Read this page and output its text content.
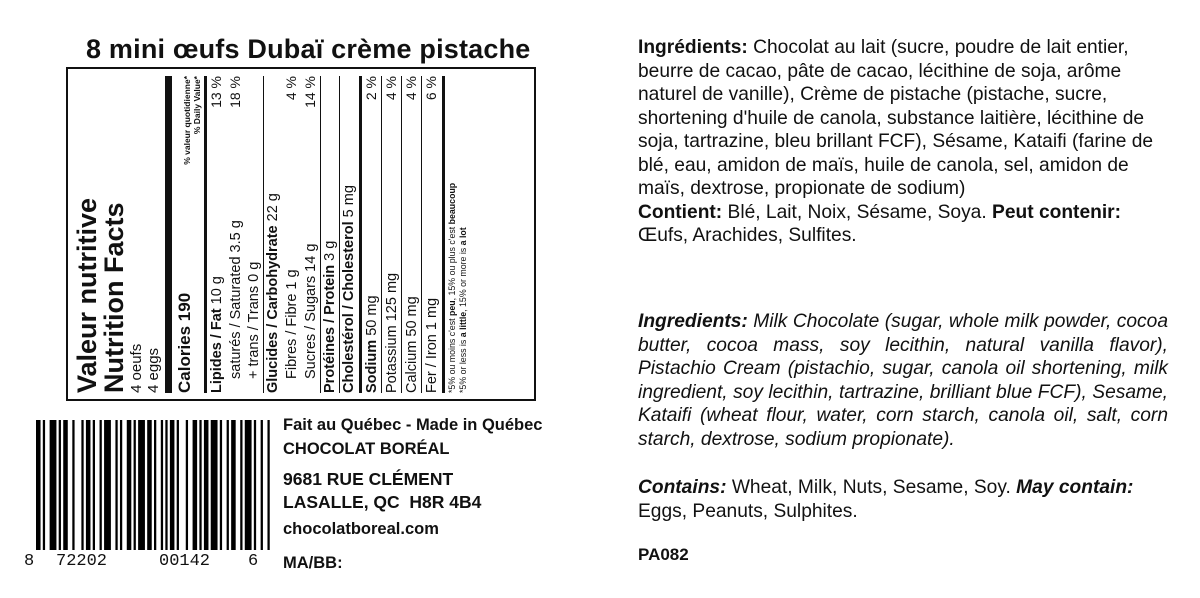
8 mini œufs Dubaï crème pistache
Valeur nutritive
Nutrition Facts 4 oeufs 4 eggs Calories 190
% valeur quotidienne* % Daily Value*
Lipides / Fat 10 g
13 %
saturés / Saturated 3.5 g
18 %
+ trans / Trans 0 g Glucides / Carbohydrate 22 g
Fibres / Fibre 1 g
4 %
Sucres / Sugars 14 g
14 %
Protéines / Protein 3 g Cholestérol / Cholesterol 5 mg
Sodium 50 mg
2 %
Potassium 125 mg
4 %
Calcium 50 mg
4 %
Fer / Iron 1 mg
6 %
*5% ou moins c'est peu, 15% ou plus c'est beaucoup
*5% or less is a little, 15% or more is a lot
8 72202	00142 6
Fait au Québec - Made in Québec
CHOCOLAT BORÉAL
9681 RUE CLÉMENT
LASALLE, QC  H8R 4B4
chocolatboreal.com
MA/BB:
Ingrédients: Chocolat au lait (sucre, poudre de lait entier, beurre de cacao, pâte de cacao, lécithine de soja, arôme naturel de vanille), Crème de pistache (pistache, sucre, shortening d'huile de canola, substance laitière, lécithine de soja, tartrazine, bleu brillant FCF), Sésame, Kataifi (farine de blé, eau, amidon de maïs, huile de canola, sel, amidon de maïs, dextrose, propionate de sodium)
Contient: Blé, Lait, Noix, Sésame, Soya. Peut contenir: Œufs, Arachides, Sulfites.
Ingredients: Milk Chocolate (sugar, whole milk powder, cocoa butter, cocoa mass, soy lecithin, natural vanilla flavor), Pistachio Cream (pistachio, sugar, canola oil shortening, milk ingredient, soy lecithin, tartrazine, brilliant blue FCF), Sesame, Kataifi (wheat flour, water, corn starch, canola oil, salt, corn starch, dextrose, sodium propionate).
Contains: Wheat, Milk, Nuts, Sesame, Soy. May contain: Eggs, Peanuts, Sulphites.
PA082
